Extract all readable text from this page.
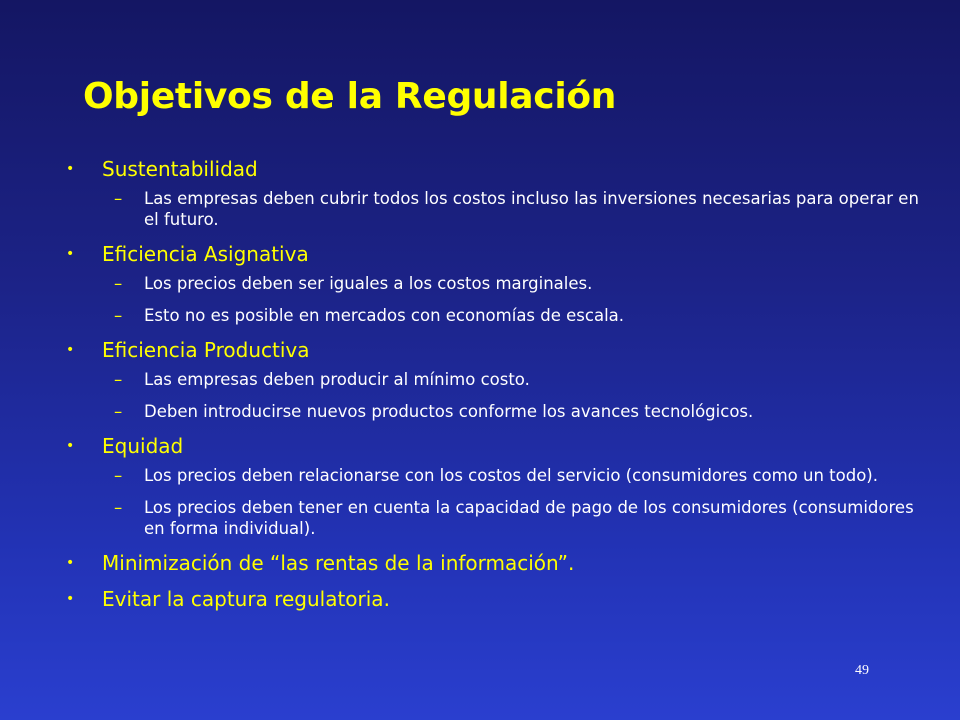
Objetivos de la Regulación
• Sustentabilidad
– Las empresas deben cubrir todos los costos incluso las inversiones necesarias para operar en el futuro.
• Eficiencia Asignativa
– Los precios deben ser iguales a los costos marginales.
– Esto no es posible en mercados con economías de escala.
• Eficiencia Productiva
– Las empresas deben producir al mínimo costo.
– Deben introducirse nuevos productos conforme los avances tecnológicos.
• Equidad
– Los precios deben relacionarse con los costos del servicio (consumidores como un todo).
– Los precios deben tener en cuenta la capacidad de pago de los consumidores (consumidores en forma individual).
• Minimización de “las rentas de la información”.
• Evitar la captura regulatoria.
49
